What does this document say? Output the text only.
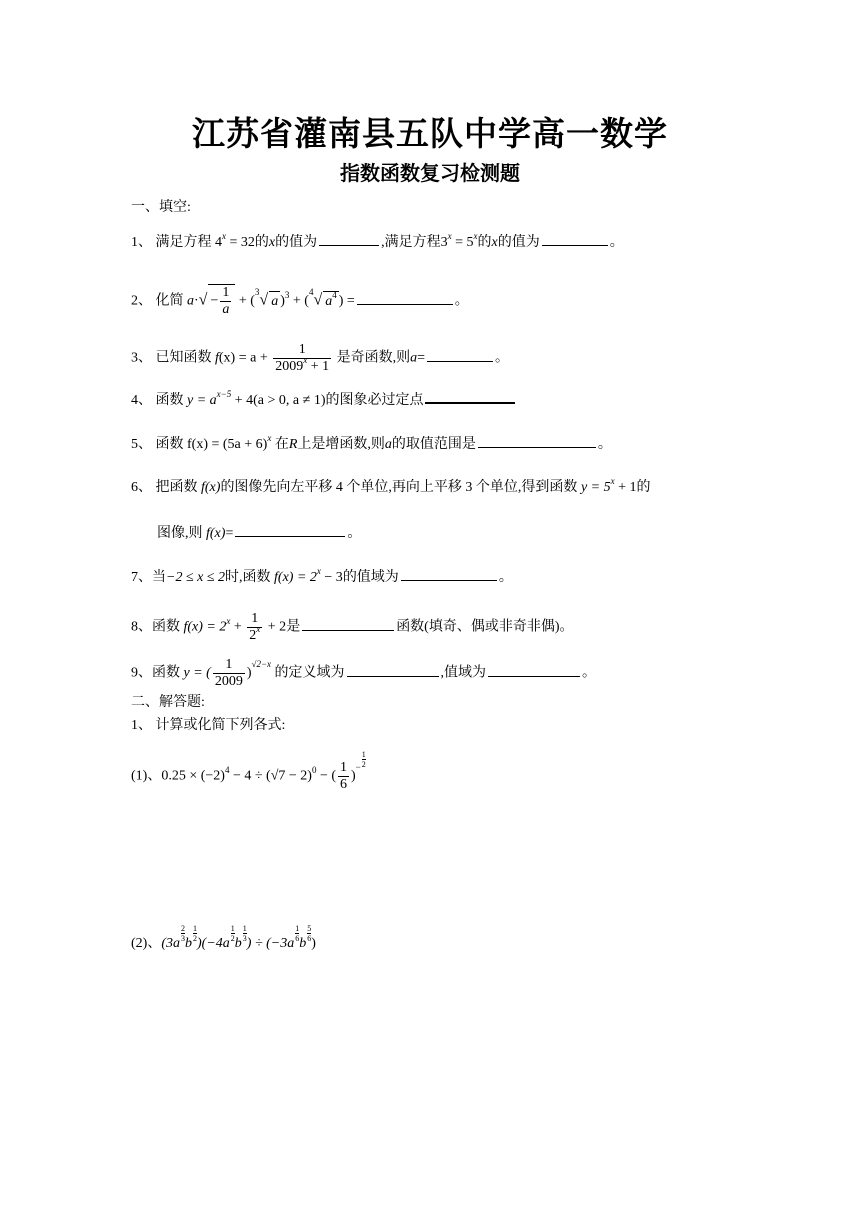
江苏省灌南县五队中学高一数学
指数函数复习检测题
一、填空:
1、 满足方程 $4^x = 32$的x的值为	,满足方程$3^x = 5^x$的x的值为	。
2、 化简 $a\cdot√ - \frac{1}{a} + (^3√$ a )$^3$ + ($^4$√ $a^4$ ) =	。
3、 已知函数 $f(x) = a + \frac{1}{2009^x + 1}$ 是奇函数,则a=	。
4、 函数 $y = a^{x-5} + 4(a > 0$, a ≠ 1)的图象必过定点
5、 函数 $f(x) = (5a + 6)^x$ 在R上是增函数,则a的取值范围是	。
6、 把函数 f(x)的图像先向左平移 4 个单位,再向上平移 3 个单位,得到函数 $y = 5^x + 1$的
图像,则 f(x)=	。
7、当−2 ≤ x ≤ 2时,函数 $f(x) = 2^x - 3$的值域为	。
8、函数 $f(x) = 2^x + \frac{1}{2^x} + 2$是	函数(填奇、偶或非奇非偶)。
9、函数 y = ( $\frac{1}{2009} )^{√2-x}$ 的定义域为	,值域为	。
二、解答题:
1、 计算或化简下列各式:
(1)、$0.25 \times (-2)^4 - 4 \div (√7 - 2)^0$ − ( $\frac{1}{6} )^- \frac{1}{2}$
(2)、(3a
$\frac{2}{3}$
b
$\frac{1}{2}$
)(−4a
$\frac{1}{2}$
b
$\frac{1}{3}$
) ÷ (−3a
$\frac{1}{6}$
b
$\frac{5}{6}$
)
